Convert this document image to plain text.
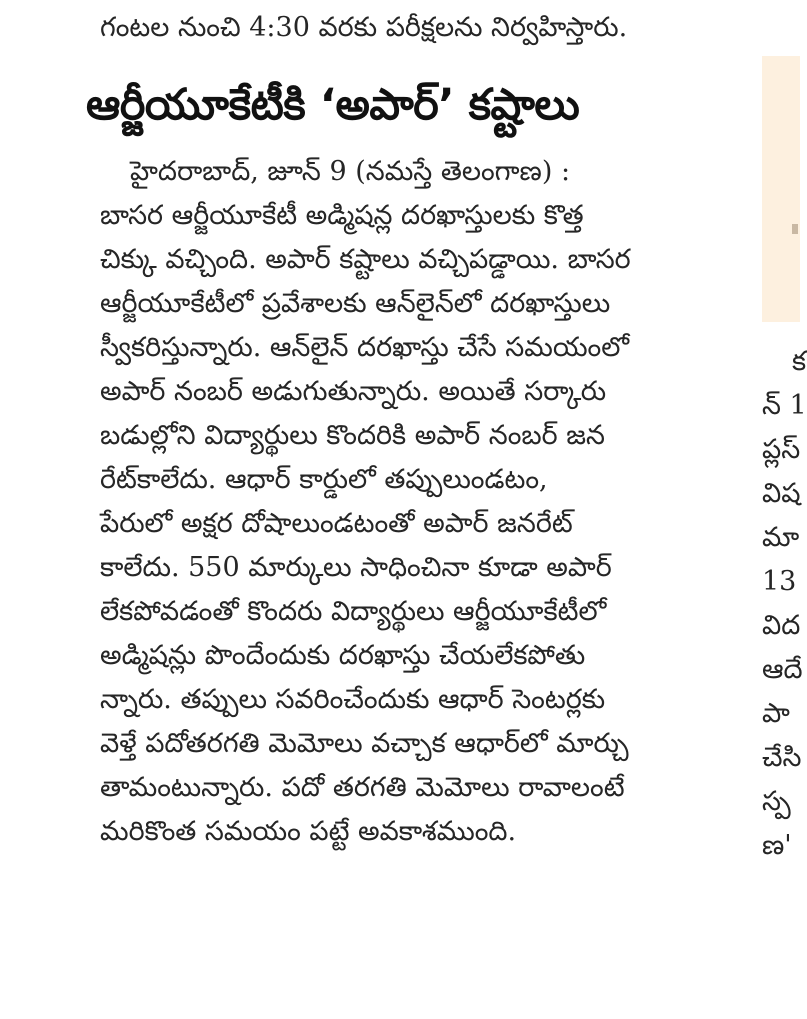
గంటల నుంచి 4:30 వరకు పరీక్షలను నిర్వహిస్తారు.
ఆర్జీయూకేటీకి ‘అపార్’ కష్టాలు
హైదరాబాద్, జూన్ 9 (నమస్తే తెలంగాణ) :
బాసర ఆర్జీయూకేటీ అడ్మిషన్ల దరఖాస్తులకు కొత్త
చిక్కు వచ్చింది. అపార్ కష్టాలు వచ్చిపడ్డాయి. బాసర
ఆర్జీయూకేటీలో ప్రవేశాలకు ఆన్‌లైన్‌లో దరఖాస్తులు
స్వీకరిస్తున్నారు. ఆన్‌లైన్ దరఖాస్తు చేసే సమయంలో
అపార్ నంబర్ అడుగుతున్నారు. అయితే సర్కారు
బడుల్లోని విద్యార్థులు కొందరికి అపార్ నంబర్ జన
రేట్‌కాలేదు. ఆధార్ కార్డులో తప్పులుండటం,
పేరులో అక్షర దోషాలుండటంతో అపార్ జనరేట్
కాలేదు. 550 మార్కులు సాధించినా కూడా అపార్
లేకపోవడంతో కొందరు విద్యార్థులు ఆర్జీయూకేటీలో
అడ్మిషన్లు పొందేందుకు దరఖాస్తు చేయలేకపోతు
న్నారు. తప్పులు సవరించేందుకు ఆధార్ సెంటర్లకు
వెళ్తే పదోతరగతి మెమోలు వచ్చాక ఆధార్‌లో మార్చు
తామంటున్నారు. పదో తరగతి మెమోలు రావాలంటే
మరికొంత సమయం పట్టే అవకాశముంది.
క
న్ 1
ప్లస్
విష
మా
13
విద
ఆదే
పా
చేసి
స్ప
ణ'
